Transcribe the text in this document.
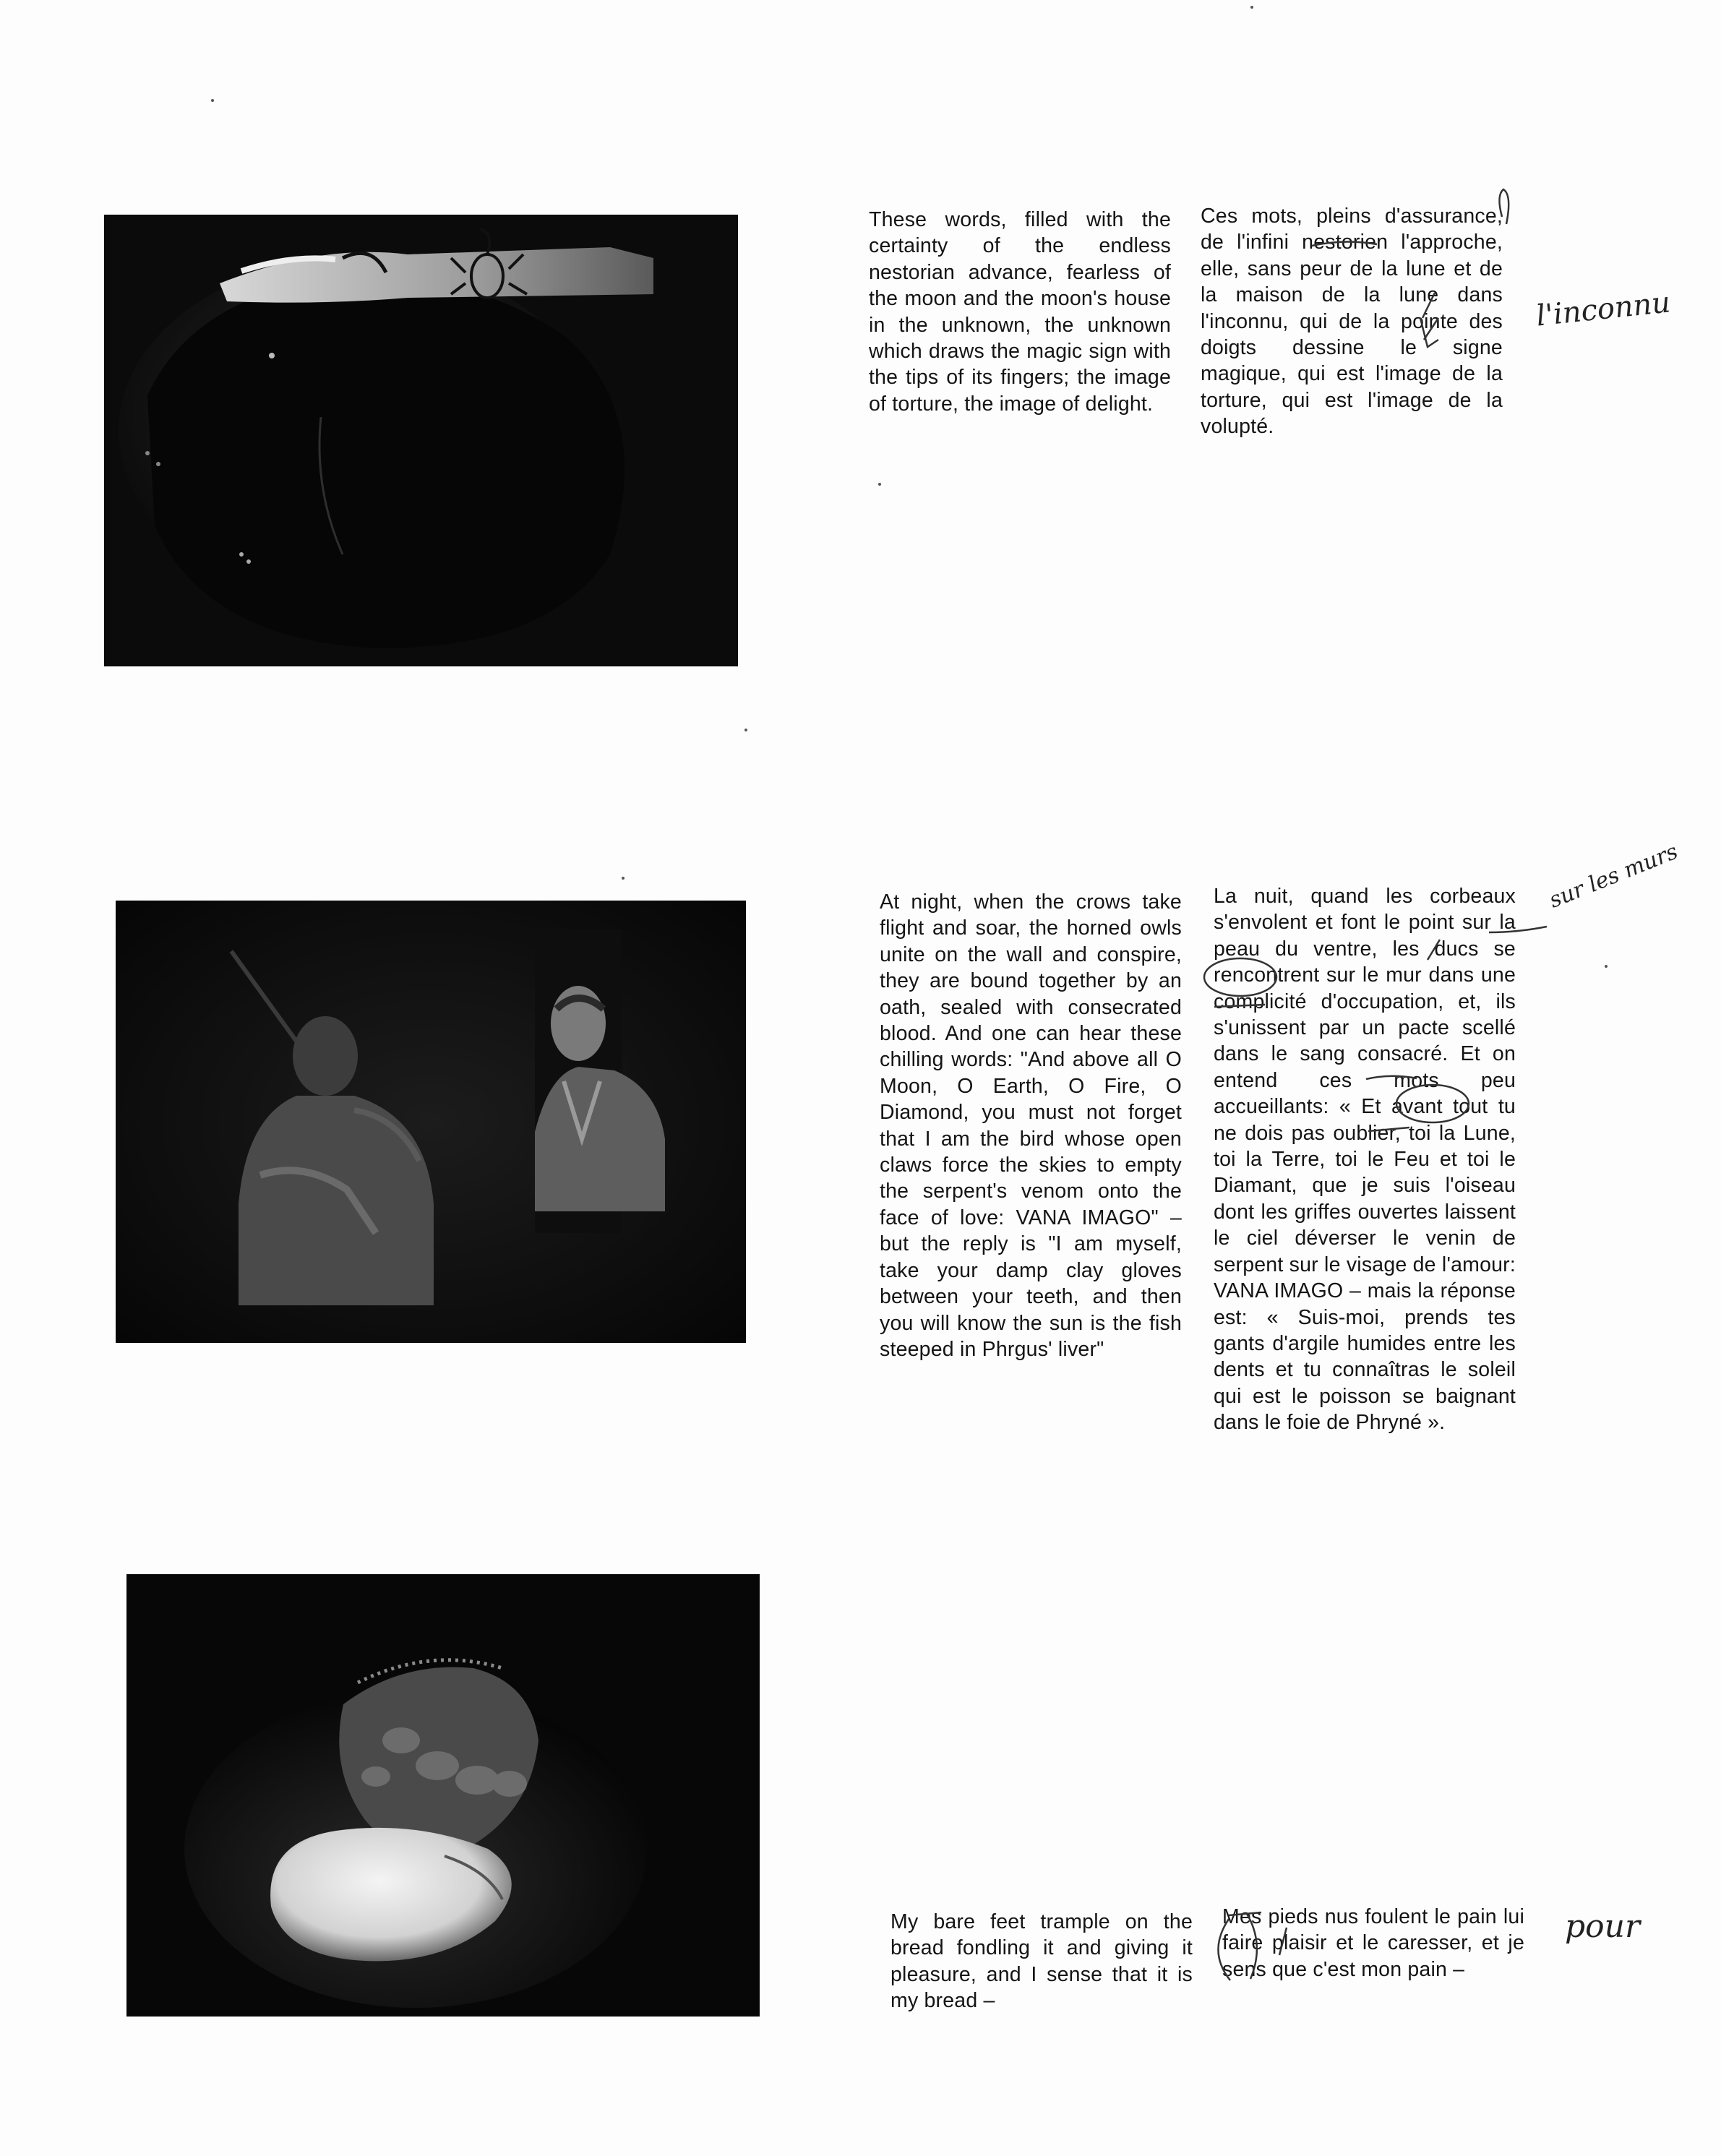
These words, filled with the certainty of the endless nestorian advance, fearless of the moon and the moon's house in the unknown, the unknown which draws the magic sign with the tips of its fingers; the image of torture, the image of delight.
Ces mots, pleins d'assurance, de l'infini nestorien l'approche, elle, sans peur de la lune et de la maison de la lune dans l'inconnu, qui de la pointe des doigts dessine le signe magique, qui est l'image de la torture, qui est l'image de la volupté.
At night, when the crows take flight and soar, the horned owls unite on the wall and conspire, they are bound together by an oath, sealed with consecrated blood. And one can hear these chilling words: "And above all O Moon, O Earth, O Fire, O Diamond, you must not forget that I am the bird whose open claws force the skies to empty the serpent's venom onto the face of love: VANA IMAGO" – but the reply is "I am myself, take your damp clay gloves between your teeth, and then you will know the sun is the fish steeped in Phrgus' liver"
La nuit, quand les corbeaux s'envolent et font le point sur la peau du ventre, les ducs se rencontrent sur le mur dans une complicité d'occupation, et, ils s'unissent par un pacte scellé dans le sang consacré. Et on entend ces mots peu accueillants: « Et avant tout tu ne dois pas oublier, toi la Lune, toi la Terre, toi le Feu et toi le Diamant, que je suis l'oiseau dont les griffes ouvertes laissent le ciel déverser le venin de serpent sur le visage de l'amour: VANA IMAGO – mais la réponse est: « Suis-moi, prends tes gants d'argile humides entre les dents et tu connaîtras le soleil qui est le poisson se baignant dans le foie de Phryné ».
My bare feet trample on the bread fondling it and giving it pleasure, and I sense that it is my bread –
Mes pieds nus foulent le pain lui faire plaisir et le caresser, et je sens que c'est mon pain –
l'inconnu
sur les murs
pour
